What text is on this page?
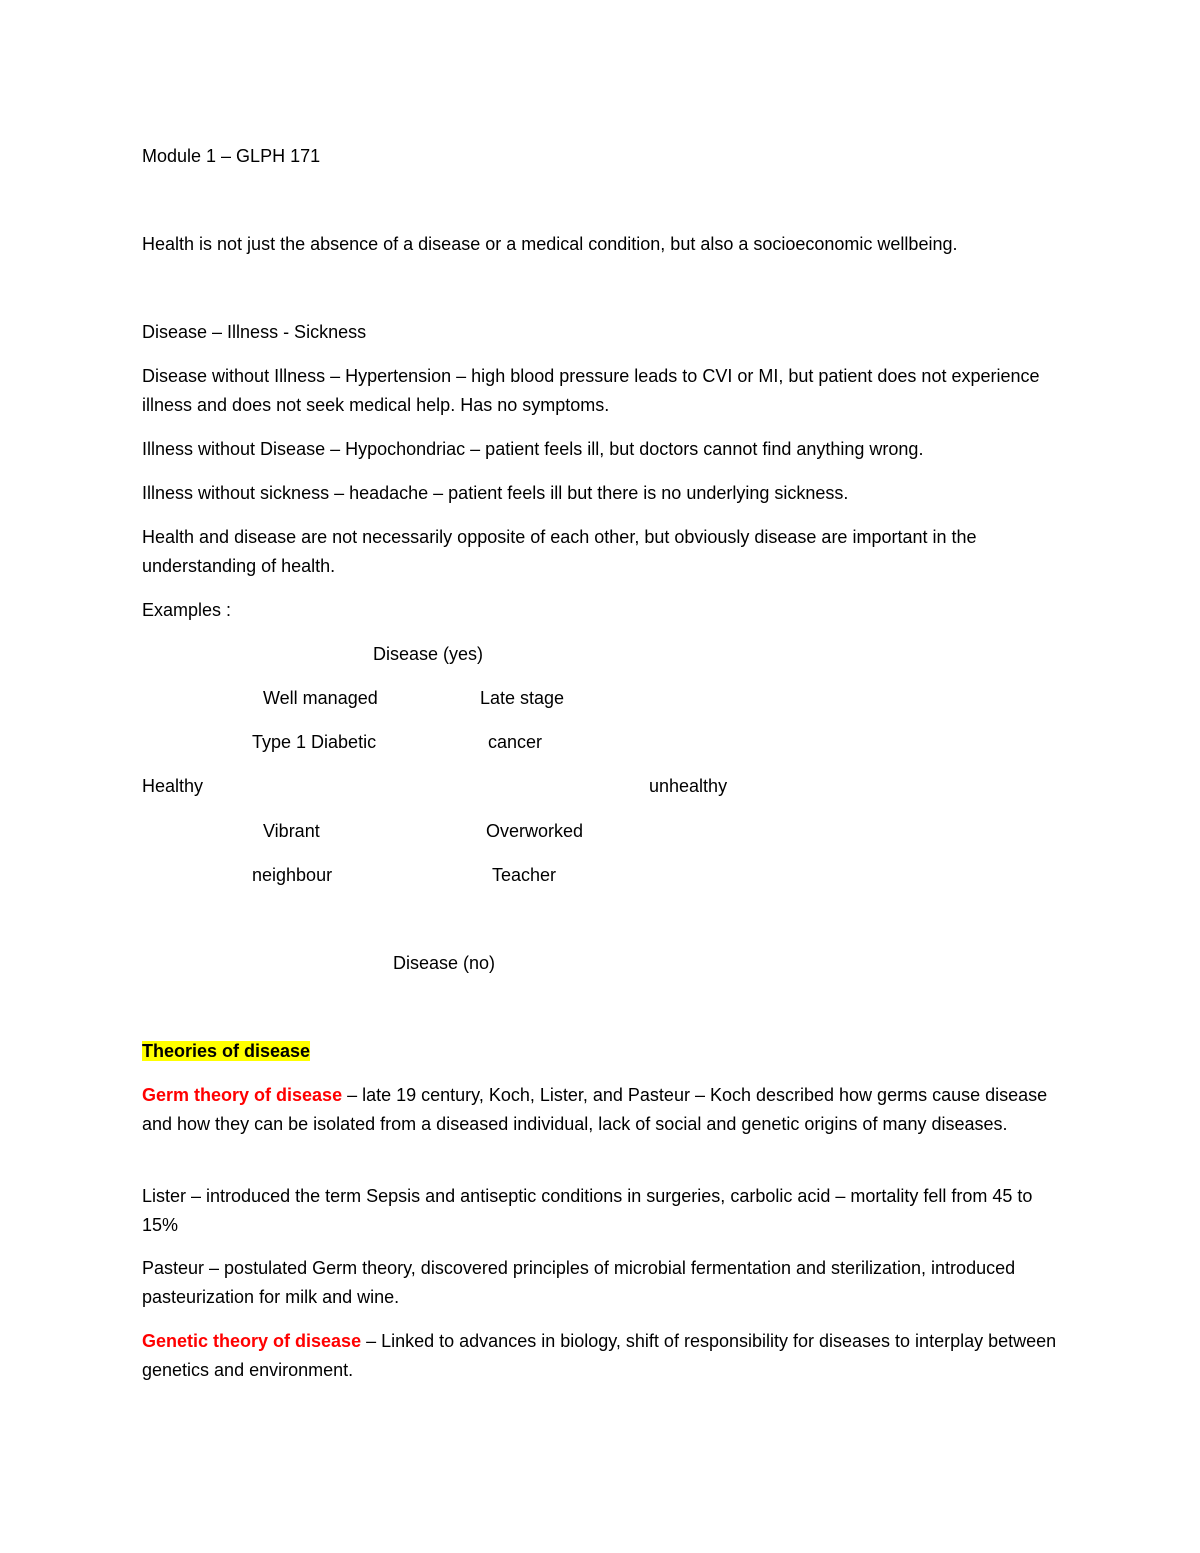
Module 1 – GLPH 171
Health is not just the absence of a disease or a medical condition, but also a socioeconomic wellbeing.
Disease – Illness - Sickness
Disease without Illness – Hypertension – high blood pressure leads to CVI or MI, but patient does not experience illness and does not seek medical help. Has no symptoms.
Illness without Disease – Hypochondriac – patient feels ill, but doctors cannot find anything wrong.
Illness without sickness – headache – patient feels ill but there is no underlying sickness.
Health and disease are not necessarily opposite of each other, but obviously disease are important in the understanding of health.
Examples :
Disease (yes)
Well managed	Late stage
Type 1 Diabetic	cancer
Healthy	unhealthy
Vibrant	Overworked
neighbour	Teacher
Disease (no)
Theories of disease
Germ theory of disease – late 19 century, Koch, Lister, and Pasteur – Koch described how germs cause disease and how they can be isolated from a diseased individual, lack of social and genetic origins of many diseases.
Lister – introduced the term Sepsis and antiseptic conditions in surgeries, carbolic acid – mortality fell from 45 to 15%
Pasteur – postulated Germ theory, discovered principles of microbial fermentation and sterilization, introduced pasteurization for milk and wine.
Genetic theory of disease – Linked to advances in biology, shift of responsibility for diseases to interplay between genetics and environment.
